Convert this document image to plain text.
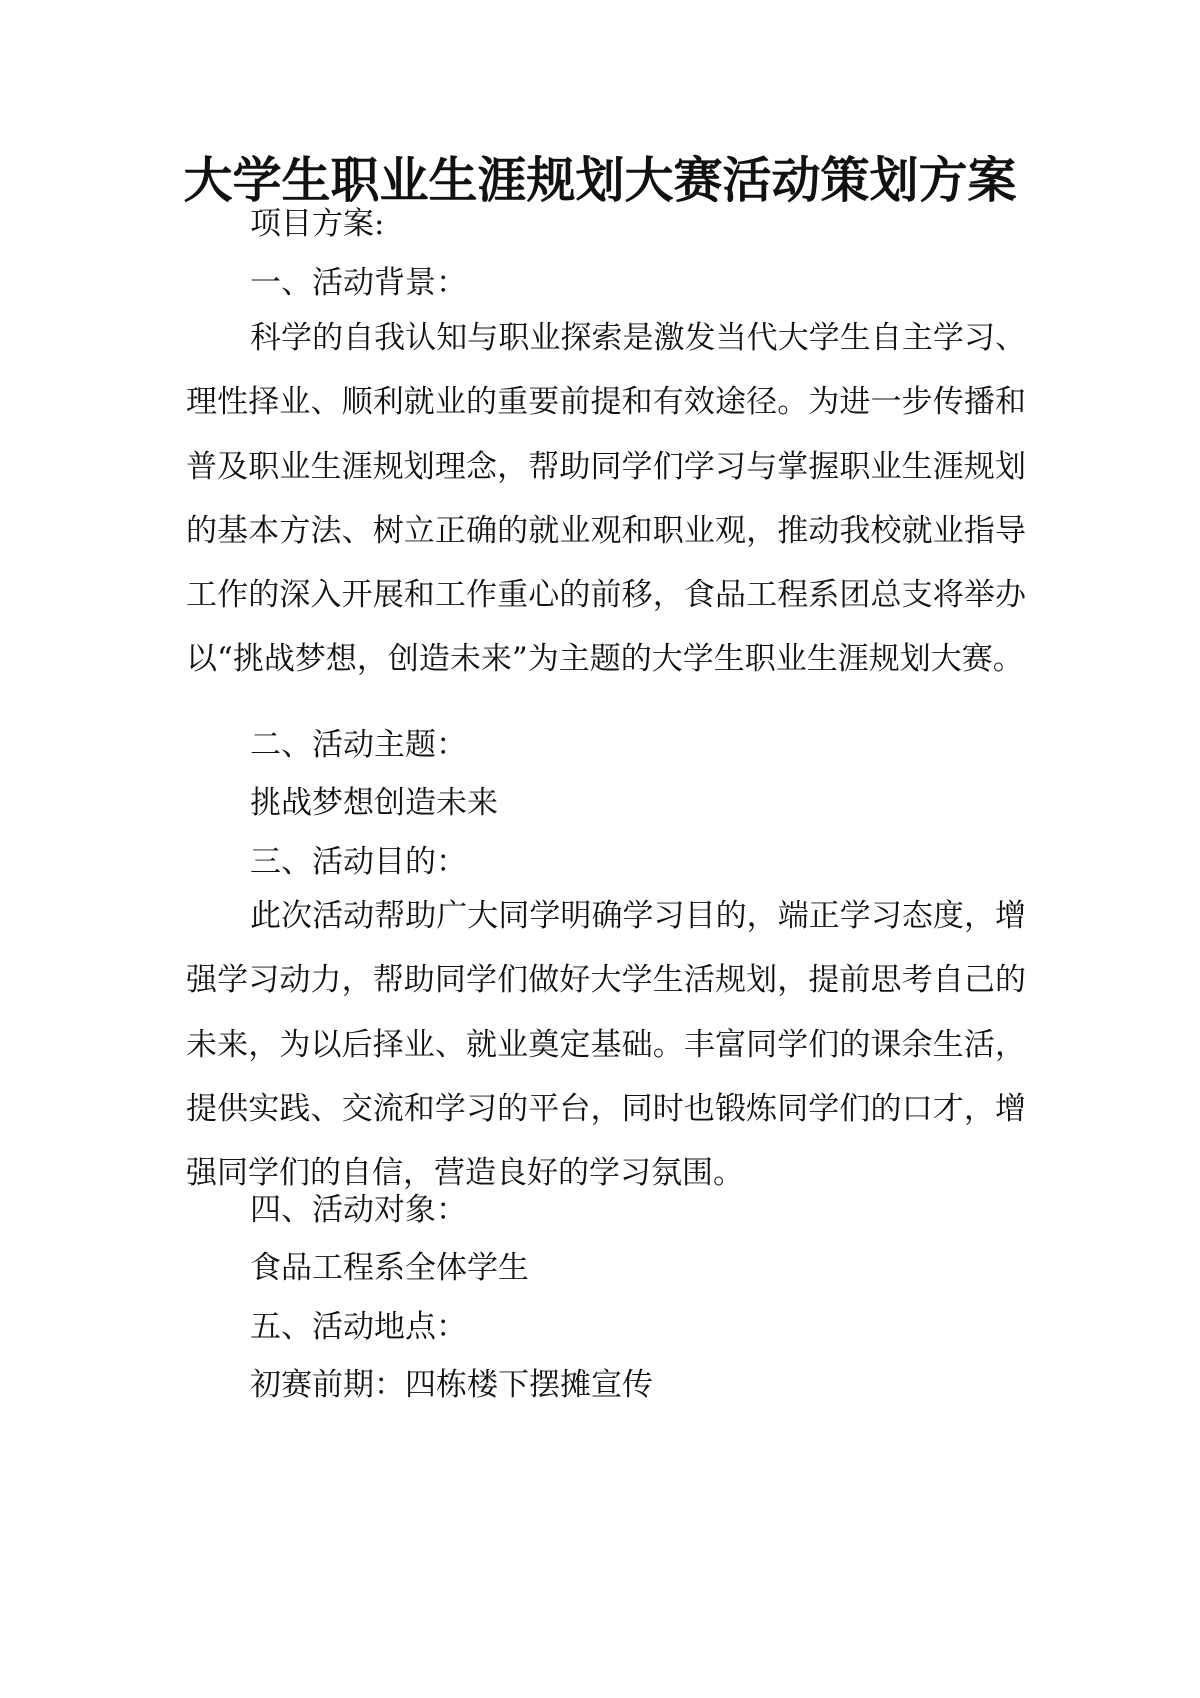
大学生职业生涯规划大赛活动策划方案

项目方案:

一、活动背景：

科学的自我认知与职业探索是激发当代大学生自主学习、理性择业、顺利就业的重要前提和有效途径。为进一步传播和普及职业生涯规划理念，帮助同学们学习与掌握职业生涯规划的基本方法、树立正确的就业观和职业观，推动我校就业指导工作的深入开展和工作重心的前移，食品工程系团总支将举办以“挑战梦想，创造未来”为主题的大学生职业生涯规划大赛。

二、活动主题：

挑战梦想创造未来

三、活动目的：

此次活动帮助广大同学明确学习目的，端正学习态度，增强学习动力，帮助同学们做好大学生活规划，提前思考自己的未来，为以后择业、就业奠定基础。丰富同学们的课余生活，提供实践、交流和学习的平台，同时也锻炼同学们的口才，增强同学们的自信，营造良好的学习氛围。

四、活动对象：

食品工程系全体学生

五、活动地点：

初赛前期：四栋楼下摆摊宣传
